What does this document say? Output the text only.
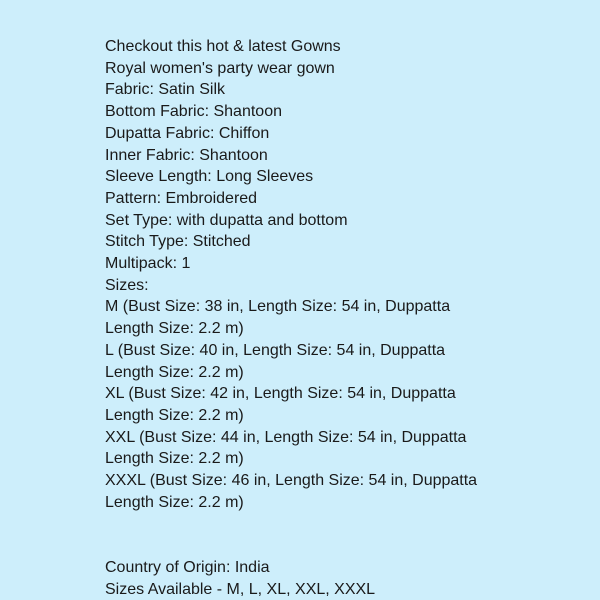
Checkout this hot & latest Gowns
Royal women's party wear gown
Fabric: Satin Silk
Bottom Fabric: Shantoon
Dupatta Fabric: Chiffon
Inner Fabric: Shantoon
Sleeve Length: Long Sleeves
Pattern: Embroidered
Set Type: with dupatta and bottom
Stitch Type: Stitched
Multipack: 1
Sizes:
M (Bust Size: 38 in, Length Size: 54 in, Duppatta
Length Size: 2.2 m)
L (Bust Size: 40 in, Length Size: 54 in, Duppatta
Length Size: 2.2 m)
XL (Bust Size: 42 in, Length Size: 54 in, Duppatta
Length Size: 2.2 m)
XXL (Bust Size: 44 in, Length Size: 54 in, Duppatta
Length Size: 2.2 m)
XXXL (Bust Size: 46 in, Length Size: 54 in, Duppatta
Length Size: 2.2 m)
Country of Origin: India
Sizes Available - M, L, XL, XXL, XXXL
